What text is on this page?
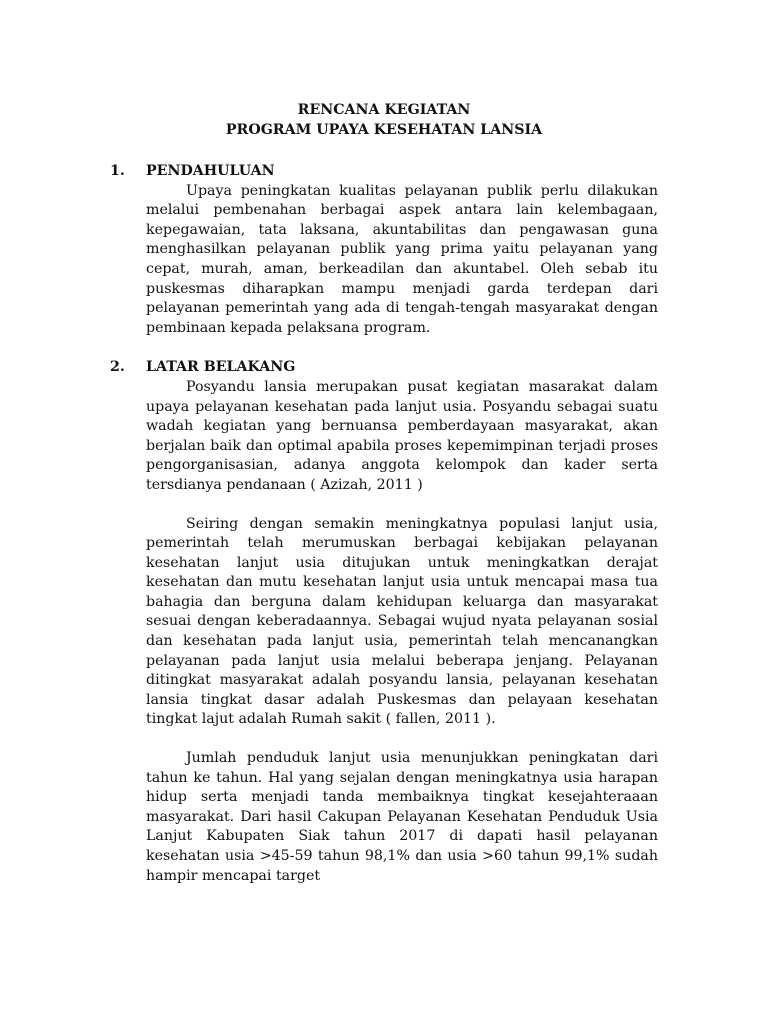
RENCANA KEGIATAN

PROGRAM UPAYA KESEHATAN LANSIA

1. PENDAHULUAN

Upaya peningkatan kualitas pelayanan publik perlu dilakukan melalui pembenahan berbagai aspek antara lain kelembagaan, kepegawaian, tata laksana, akuntabilitas dan pengawasan guna menghasilkan pelayanan publik yang prima yaitu pelayanan yang cepat, murah, aman, berkeadilan dan akuntabel. Oleh sebab itu puskesmas diharapkan mampu menjadi garda terdepan dari pelayanan pemerintah yang ada di tengah-tengah masyarakat dengan pembinaan kepada pelaksana program.

2. LATAR BELAKANG

Posyandu lansia merupakan pusat kegiatan masarakat dalam upaya pelayanan kesehatan pada lanjut usia. Posyandu sebagai suatu wadah kegiatan yang bernuansa pemberdayaan masyarakat, akan berjalan baik dan optimal apabila proses kepemimpinan terjadi proses pengorganisasian, adanya anggota kelompok dan kader serta tersdianya pendanaan ( Azizah, 2011 )

Seiring dengan semakin meningkatnya populasi lanjut usia, pemerintah telah merumuskan berbagai kebijakan pelayanan kesehatan lanjut usia ditujukan untuk meningkatkan derajat kesehatan dan mutu kesehatan lanjut usia untuk mencapai masa tua bahagia dan berguna dalam kehidupan keluarga dan masyarakat sesuai dengan keberadaannya. Sebagai wujud nyata pelayanan sosial dan kesehatan pada lanjut usia, pemerintah telah mencanangkan pelayanan pada lanjut usia melalui beberapa jenjang. Pelayanan ditingkat masyarakat adalah posyandu lansia, pelayanan kesehatan lansia tingkat dasar adalah Puskesmas dan pelayaan kesehatan tingkat lajut adalah Rumah sakit ( fallen, 2011 ).

Jumlah penduduk lanjut usia menunjukkan peningkatan dari tahun ke tahun. Hal yang sejalan dengan meningkatnya usia harapan hidup serta menjadi tanda membaiknya tingkat kesejahteraaan masyarakat. Dari hasil Cakupan Pelayanan Kesehatan Penduduk Usia Lanjut Kabupaten Siak tahun 2017 di dapati hasil pelayanan kesehatan usia >45-59 tahun 98,1% dan usia >60 tahun 99,1% sudah hampir mencapai target
